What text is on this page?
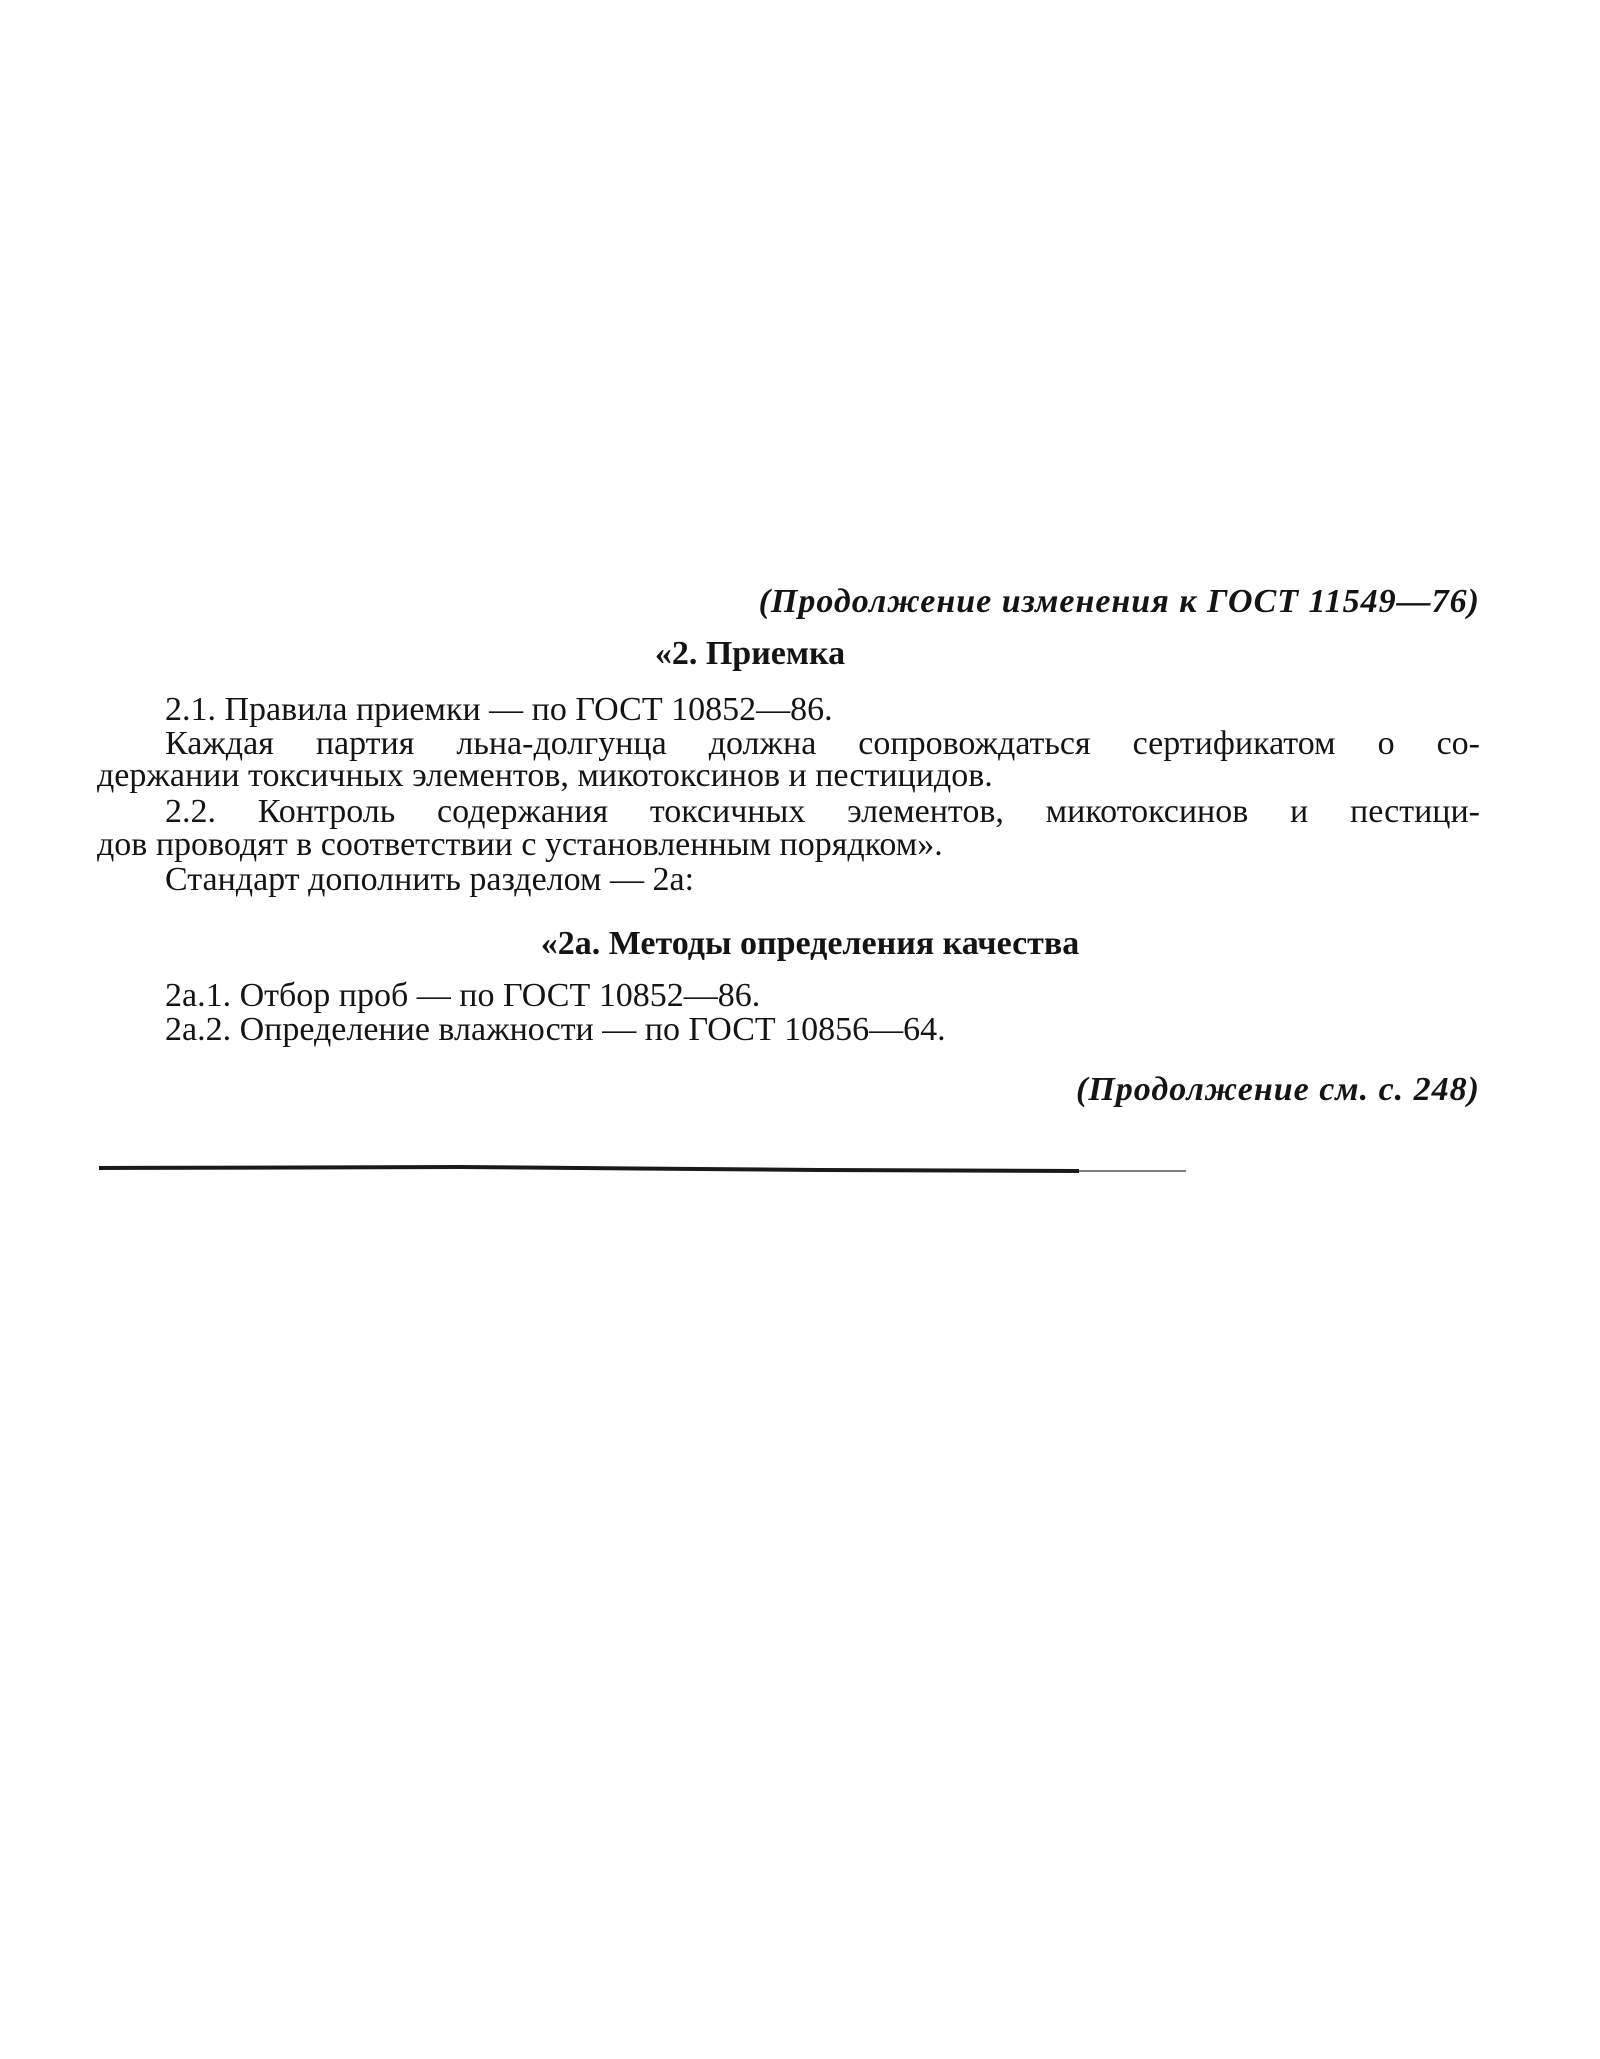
(Продолжение изменения к ГОСТ 11549—76)
«2. Приемка
2.1. Правила приемки — по ГОСТ 10852—86.
Каждая партия льна-долгунца должна сопровождаться сертификатом о со-
держании токсичных элементов, микотоксинов и пестицидов.
2.2. Контроль содержания токсичных элементов, микотоксинов и пестици-
дов проводят в соответствии с установленным порядком».
Стандарт дополнить разделом — 2а:
«2а. Методы определения качества
2а.1. Отбор проб — по ГОСТ 10852—86.
2а.2. Определение влажности — по ГОСТ 10856—64.
(Продолжение см. с. 248)
